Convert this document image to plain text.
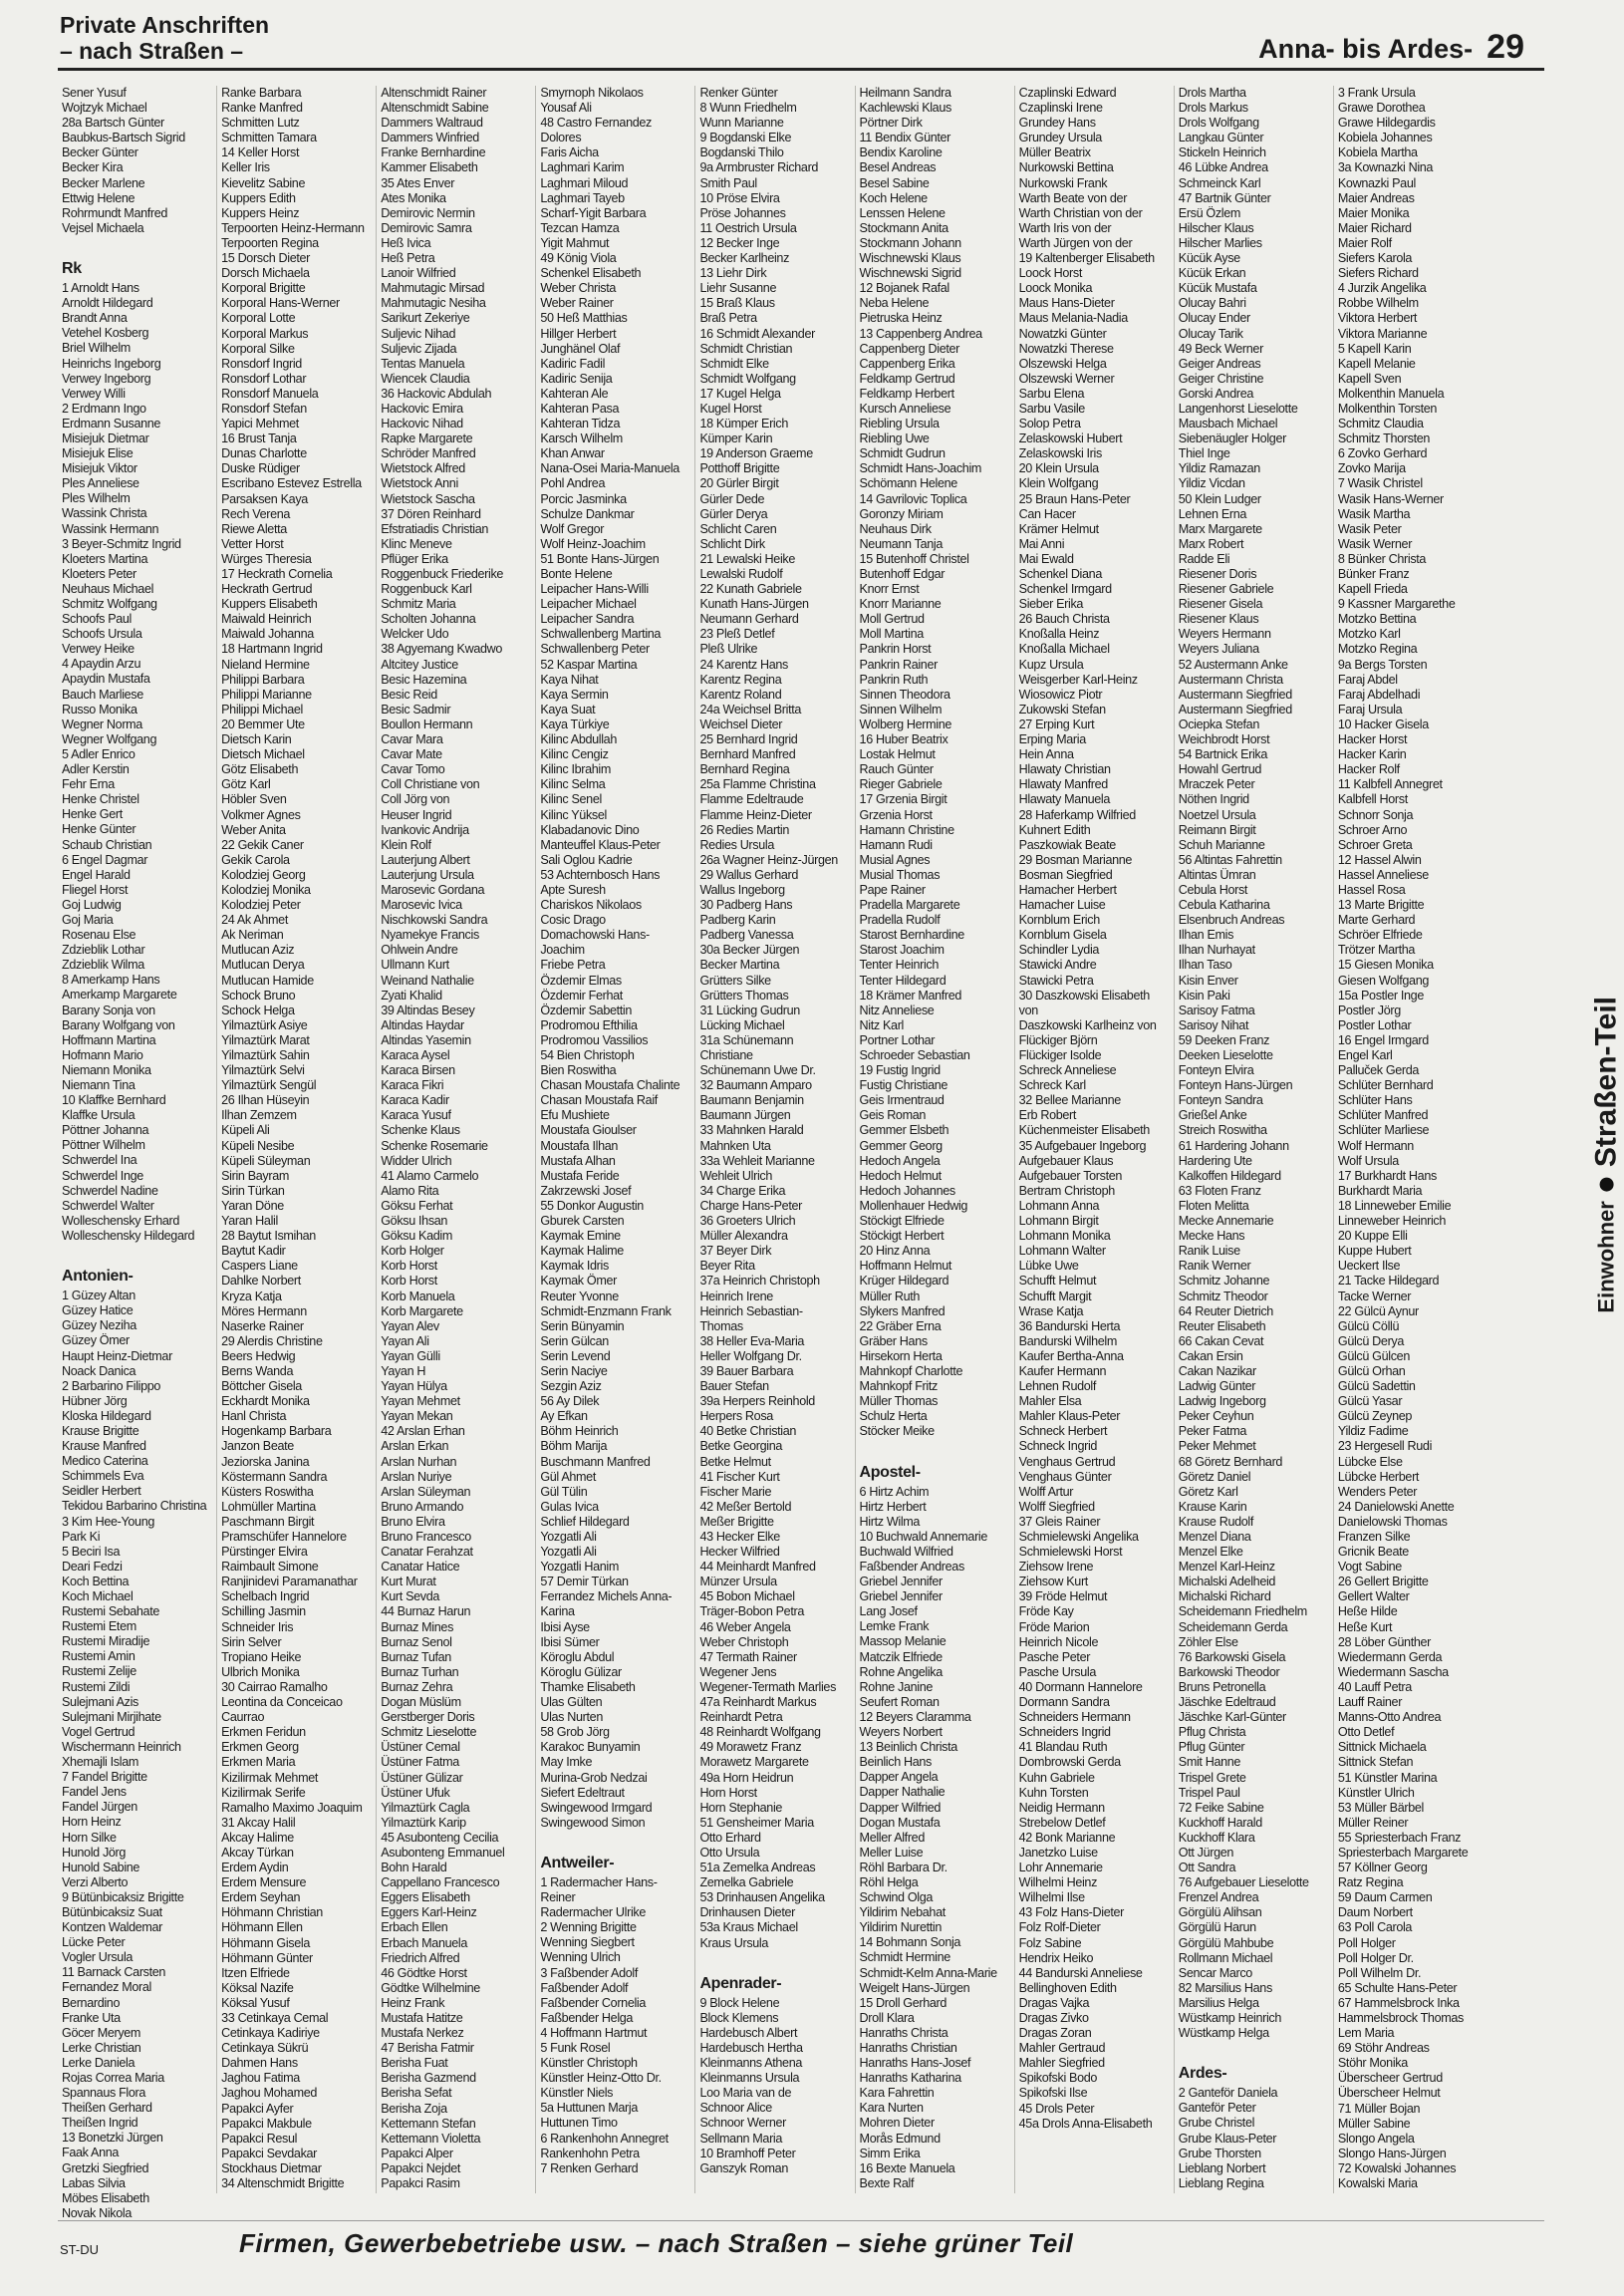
Private Anschriften
– nach Straßen –	Anna- bis Ardes- 29
Sener Yusuf
Wojtzyk Michael
28a Bartsch Günter
Baubkus-Bartsch Sigrid
Becker Günter
Becker Kira
Becker Marlene
Ettwig Helene
Rohrmundt Manfred
Vejsel Michaela

Rk
1 Arnoldt Hans
Arnoldt Hildegard
Brandt Anna
Vetehel Kosberg
Briel Wilhelm
Heinrichs Ingeborg
Verwey Ingeborg
Verwey Willi
2 Erdmann Ingo
Erdmann Susanne
Misiejuk Dietmar
Misiejuk Elise
Misiejuk Viktor
Ples Anneliese
Ples Wilhelm
Wassink Christa
Wassink Hermann
3 Beyer-Schmitz Ingrid
Kloeters Martina
Kloeters Peter
Neuhaus Michael
Schmitz Wolfgang
Schoofs Paul
Schoofs Ursula
Verwey Heike
4 Apaydin Arzu
Apaydin Mustafa
Bauch Marliese
Russo Monika
Wegner Norma
Wegner Wolfgang
5 Adler Enrico
Adler Kerstin
Fehr Erna
Henke Christel
Henke Gert
Henke Günter
Schaub Christian
6 Engel Dagmar
Engel Harald
Fliegel Horst
Goj Ludwig
Goj Maria
Rosenau Else
Zdzieblik Lothar
Zdzieblik Wilma
8 Amerkamp Hans
Amerkamp Margarete
Barany Sonja von
Barany Wolfgang von
Hoffmann Martina
Hofmann Mario
Niemann Monika
Niemann Tina
10 Klaffke Bernhard
Klaffke Ursula
Pöttner Johanna
Pöttner Wilhelm
Schwerdel Ina
Schwerdel Inge
Schwerdel Nadine
Schwerdel Walter
Wolleschensky Erhard
Wolleschensky Hildegard

Antonien-
1 Güzey Altan
Güzey Hatice
Güzey Neziha
Güzey Ömer
Haupt Heinz-Dietmar
Noack Danica
2 Barbarino Filippo
Hübner Jörg
Kloska Hildegard
Krause Brigitte
Krause Manfred
Medico Caterina
Schimmels Eva
Seidler Herbert
Tekidou Barbarino Christina
3 Kim Hee-Young
Park Ki
5 Beciri Isa
Deari Fedzi
Koch Bettina
Koch Michael
Rustemi Sebahate
Rustemi Etem
Rustemi Miradije
Rustemi Amin
Rustemi Zelije
Rustemi Zildi
Sulejmani Azis
Sulejmani Mirjihate
Vogel Gertrud
Wischermann Heinrich
Xhemajli Islam
7 Fandel Brigitte
Fandel Jens
Fandel Jürgen
Horn Heinz
Horn Silke
Hunold Jörg
Hunold Sabine
Verzi Alberto
9 Bütünbicaksiz Brigitte
Bütünbicaksiz Suat
Kontzen Waldemar
Lücke Peter
Vogler Ursula
11 Barnack Carsten
Fernandez Moral
Bernardino
Franke Uta
Göcer Meryem
Lerke Christian
Lerke Daniela
Rojas Correa Maria
Spannaus Flora
Theißen Gerhard
Theißen Ingrid
13 Bonetzki Jürgen
Faak Anna
Gretzki Siegfried
Labas Silvia
Möbes Elisabeth
Novak Nikola
Ranke Barbara
Ranke Manfred
Schmitten Lutz
Schmitten Tamara
14 Keller Horst
Keller Iris
Kievelitz Sabine
Kuppers Edith
Kuppers Heinz
Terpoorten Heinz-Hermann
Terpoorten Regina
15 Dorsch Dieter
Dorsch Michaela
Korporal Brigitte
Korporal Hans-Werner
Korporal Lotte
Korporal Markus
Korporal Silke
Ronsdorf Ingrid
Ronsdorf Lothar
Ronsdorf Manuela
Ronsdorf Stefan
Yapici Mehmet
16 Brust Tanja
Dunas Charlotte
Duske Rüdiger
Escribano Estevez Estrella
Parsaksen Kaya
Rech Verena
Riewe Aletta
Vetter Horst
Würges Theresia
17 Heckrath Cornelia
Heckrath Gertrud
Kuppers Elisabeth
Maiwald Heinrich
Maiwald Johanna
18 Hartmann Ingrid
Nieland Hermine
Philippi Barbara
Philippi Marianne
Philippi Michael
20 Bemmer Ute
Dietsch Karin
Dietsch Michael
Götz Elisabeth
Götz Karl
Höbler Sven
Volkmer Agnes
Weber Anita
22 Gekik Caner
Gekik Carola
Kolodziej Georg
Kolodziej Monika
Kolodziej Peter
24 Ak Ahmet
Ak Neriman
Mutlucan Aziz
Mutlucan Derya
Mutlucan Hamide
Schock Bruno
Schock Helga
Yilmaztürk Asiye
Yilmaztürk Marat
Yilmaztürk Sahin
Yilmaztürk Selvi
Yilmaztürk Sengül
26 Ilhan Hüseyin
Ilhan Zemzem
Küpeli Ali
Küpeli Nesibe
Küpeli Süleyman
Sirin Bayram
Sirin Türkan
Yaran Döne
Yaran Halil
28 Baytut Ismihan
Baytut Kadir
Caspers Liane
Dahlke Norbert
Kryza Katja
Möres Hermann
Naserke Rainer
29 Alerdis Christine
Beers Hedwig
Berns Wanda
Böttcher Gisela
Eckhardt Monika
Hanl Christa
Hogenkamp Barbara
Janzon Beate
Jeziorska Janina
Köstermann Sandra
Küsters Roswitha
Lohmüller Martina
Paschmann Birgit
Pramschüfer Hannelore
Pürstinger Elvira
Raimbault Simone
Ranjinidevi Paramanathar
Schelbach Ingrid
Schilling Jasmin
Schneider Iris
Sirin Selver
Tropiano Heike
Ulbrich Monika
30 Cairrao Ramalho
Leontina da Conceicao
Caurrao
Erkmen Feridun
Erkmen Georg
Erkmen Maria
Kizilirmak Mehmet
Kizilirmak Serife
Ramalho Maximo Joaquim
31 Akcay Halil
Akcay Halime
Akcay Türkan
Erdem Aydin
Erdem Mensure
Erdem Seyhan
Höhmann Christian
Höhmann Ellen
Höhmann Gisela
Höhmann Günter
Itzen Elfriede
Köksal Nazife
Köksal Yusuf
33 Cetinkaya Cemal
Cetinkaya Kadiriye
Cetinkaya Sükrü
Dahmen Hans
Jaghou Fatima
Jaghou Mohamed
Papakci Ayfer
Papakci Makbule
Papakci Resul
Papakci Sevdakar
Stockhaus Dietmar
34 Altenschmidt Brigitte
Altenschmidt Rainer
Altenschmidt Sabine
Dammers Waltraud
Dammers Winfried
Franke Bernhardine
Kammer Elisabeth
35 Ates Enver
Ates Monika
Demirovic Nermin
Demirovic Samra
Heß Ivica
Heß Petra
Lanoir Wilfried
Mahmutagic Mirsad
Mahmutagic Nesiha
Sarikurt Zekeriye
Suljevic Nihad
Suljevic Zijada
Tentas Manuela
Wiencek Claudia
36 Hackovic Abdulah
Hackovic Emira
Hackovic Nihad
Rapke Margarete
Schröder Manfred
Wietstock Alfred
Wietstock Anni
Wietstock Sascha
37 Dören Reinhard
Efstratiadis Christian
Klinc Meneve
Pflüger Erika
Roggenbuck Friederike
Roggenbuck Karl
Schmitz Maria
Scholten Johanna
Welcker Udo
38 Agyemang Kwadwo
Altcitey Justice
Besic Hazemina
Besic Reid
Besic Sadmir
Boullon Hermann
Cavar Mara
Cavar Mate
Cavar Tomo
Coll Christiane von
Coll Jörg von
Heuser Ingrid
Ivankovic Andrija
Klein Rolf
Lauterjung Albert
Lauterjung Ursula
Marosevic Gordana
Marosevic Ivica
Nischkowski Sandra
Nyamekye Francis
Ohlwein Andre
Ullmann Kurt
Weinand Nathalie
Zyati Khalid
39 Altindas Besey
Altindas Haydar
Altindas Yasemin
Karaca Aysel
Karaca Birsen
Karaca Fikri
Karaca Kadir
Karaca Yusuf
Schenke Klaus
Schenke Rosemarie
Widder Ulrich
41 Alamo Carmelo
Alamo Rita
Göksu Ferhat
Göksu Ihsan
Göksu Kadim
Korb Holger
Korb Horst
Korb Horst
Korb Manuela
Korb Margarete
Yayan Alev
Yayan Ali
Yayan Gülli
Yayan H
Yayan Hülya
Yayan Mehmet
Yayan Mekan
42 Arslan Erhan
Arslan Erkan
Arslan Nurhan
Arslan Nuriye
Arslan Süleyman
Bruno Armando
Bruno Elvira
Bruno Francesco
Canatar Ferahzat
Canatar Hatice
Kurt Murat
Kurt Sevda
44 Burnaz Harun
Burnaz Mines
Burnaz Senol
Burnaz Tufan
Burnaz Turhan
Burnaz Zehra
Dogan Müslüm
Gerstberger Doris
Schmitz Lieselotte
Üstüner Cemal
Üstüner Fatma
Üstüner Gülizar
Üstüner Ufuk
Yilmaztürk Cagla
Yilmaztürk Karip
45 Asubonteng Cecilia
Asubonteng Emmanuel
Bohn Harald
Cappellano Francesco
Eggers Elisabeth
Eggers Karl-Heinz
Erbach Ellen
Erbach Manuela
Friedrich Alfred
46 Gödtke Horst
Gödtke Wilhelmine
Heinz Frank
Mustafa Hatitze
Mustafa Nerkez
47 Berisha Fatmir
Berisha Fuat
Berisha Gazmend
Berisha Sefat
Berisha Zoja
Kettemann Stefan
Kettemann Violetta
Papakci Alper
Papakci Nejdet
Papakci Rasim
Smyrnoph Nikolaos
Yousaf Ali
48 Castro Fernandez
Dolores
Faris Aicha
Laghmari Karim
Laghmari Miloud
Laghmari Tayeb
Scharf-Yigit Barbara
Tezcan Hamza
Yigit Mahmut
49 König Viola
Schenkel Elisabeth
Weber Christa
Weber Rainer
50 Heß Matthias
Hillger Herbert
Junghänel Olaf
Kadiric Fadil
Kadiric Senija
Kahteran Ale
Kahteran Pasa
Kahteran Tidza
Karsch Wilhelm
Khan Anwar
Nana-Osei Maria-Manuela
Pohl Andrea
Porcic Jasminka
Schulze Dankmar
Wolf Gregor
Wolf Heinz-Joachim
51 Bonte Hans-Jürgen
Bonte Helene
Leipacher Hans-Willi
Leipacher Michael
Leipacher Sandra
Schwallenberg Martina
Schwallenberg Peter
52 Kaspar Martina
Kaya Nihat
Kaya Sermin
Kaya Suat
Kaya Türkiye
Kilinc Abdullah
Kilinc Cengiz
Kilinc Ibrahim
Kilinc Selma
Kilinc Senel
Kilinc Yüksel
Klabadanovic Dino
Manteuffel Klaus-Peter
Sali Oglou Kadrie
53 Achternbosch Hans
Apte Suresh
Chariskos Nikolaos
Cosic Drago
Domachowski Hans-
Joachim
Friebe Petra
Özdemir Elmas
Özdemir Ferhat
Özdemir Sabettin
Prodromou Efthilia
Prodromou Vassilios
54 Bien Christoph
Bien Roswitha
Chasan Moustafa Chalinte
Chasan Moustafa Raif
Efu Mushiete
Moustafa Gioulser
Moustafa Ilhan
Mustafa Alhan
Mustafa Feride
Zakrzewski Josef
55 Donkor Augustin
Gburek Carsten
Kaymak Emine
Kaymak Halime
Kaymak Idris
Kaymak Ömer
Reuter Yvonne
Schmidt-Enzmann Frank
Serin Bünyamin
Serin Gülcan
Serin Levend
Serin Naciye
Sezgin Aziz
56 Ay Dilek
Ay Efkan
Böhm Heinrich
Böhm Marija
Buschmann Manfred
Gül Ahmet
Gül Tülin
Gulas Ivica
Schlief Hildegard
Yozgatli Ali
Yozgatli Ali
Yozgatli Hanim
57 Demir Türkan
Ferrandez Michels Anna-
Karina
Ibisi Ayse
Ibisi Sümer
Köroglu Abdul
Köroglu Gülizar
Thamke Elisabeth
Ulas Gülten
Ulas Nurten
58 Grob Jörg
Karakoc Bunyamin
May Imke
Murina-Grob Nedzai
Siefert Edeltraut
Swingewood Irmgard
Swingewood Simon

Antweiler-
1 Radermacher Hans-
Reiner
Radermacher Ulrike
2 Wenning Brigitte
Wenning Siegbert
Wenning Ulrich
3 Faßbender Adolf
Faßbender Adolf
Faßbender Cornelia
Faßbender Helga
4 Hoffmann Hartmut
5 Funk Rosel
Künstler Christoph
Künstler Heinz-Otto Dr.
Künstler Niels
5a Huttunen Marja
Huttunen Timo
6 Rankenhohn Annegret
Rankenhohn Petra
7 Renken Gerhard
Renker Günter
8 Wunn Friedhelm
Wunn Marianne
9 Bogdanski Elke
Bogdanski Thilo
9a Armbruster Richard
Smith Paul
10 Pröse Elvira
Pröse Johannes
11 Oestrich Ursula
12 Becker Inge
Becker Karlheinz
13 Liehr Dirk
Liehr Susanne
15 Braß Klaus
Braß Petra
16 Schmidt Alexander
Schmidt Christian
Schmidt Elke
Schmidt Wolfgang
17 Kugel Helga
Kugel Horst
18 Kümper Erich
Kümper Karin
19 Anderson Graeme
Potthoff Brigitte
20 Gürler Birgit
Gürler Dede
Gürler Derya
Schlicht Caren
Schlicht Dirk
21 Lewalski Heike
Lewalski Rudolf
22 Kunath Gabriele
Kunath Hans-Jürgen
Neumann Gerhard
23 Pleß Detlef
Pleß Ulrike
24 Karentz Hans
Karentz Regina
Karentz Roland
24a Weichsel Britta
Weichsel Dieter
25 Bernhard Ingrid
Bernhard Manfred
Bernhard Regina
25a Flamme Christina
Flamme Edeltraude
Flamme Heinz-Dieter
26 Redies Martin
Redies Ursula
26a Wagner Heinz-Jürgen
29 Wallus Gerhard
Wallus Ingeborg
30 Padberg Hans
Padberg Karin
Padberg Vanessa
30a Becker Jürgen
Becker Martina
Grütters Silke
Grütters Thomas
31 Lücking Gudrun
Lücking Michael
31a Schünemann
Christiane
Schünemann Uwe Dr.
32 Baumann Amparo
Baumann Benjamin
Baumann Jürgen
33 Mahnken Harald
Mahnken Uta
33a Wehleit Marianne
Wehleit Ulrich
34 Charge Erika
Charge Hans-Peter
36 Groeters Ulrich
Müller Alexandra
37 Beyer Dirk
Beyer Rita
37a Heinrich Christoph
Heinrich Irene
Heinrich Sebastian-
Thomas
38 Heller Eva-Maria
Heller Wolfgang Dr.
39 Bauer Barbara
Bauer Stefan
39a Herpers Reinhold
Herpers Rosa
40 Betke Christian
Betke Georgina
Betke Helmut
41 Fischer Kurt
Fischer Marie
42 Meßer Bertold
Meßer Brigitte
43 Hecker Elke
Hecker Wilfried
44 Meinhardt Manfred
Münzer Ursula
45 Bobon Michael
Träger-Bobon Petra
46 Weber Angela
Weber Christoph
47 Termath Rainer
Wegener Jens
Wegener-Termath Marlies
47a Reinhardt Markus
Reinhardt Petra
48 Reinhardt Wolfgang
49 Morawetz Franz
Morawetz Margarete
49a Horn Heidrun
Horn Horst
Horn Stephanie
51 Gensheimer Maria
Otto Erhard
Otto Ursula
51a Zemelka Andreas
Zemelka Gabriele
53 Drinhausen Angelika
Drinhausen Dieter
53a Kraus Michael
Kraus Ursula

Apenrader-
9 Block Helene
Block Klemens
Hardebusch Albert
Hardebusch Hertha
Kleinmanns Athena
Kleinmanns Ursula
Loo Maria van de
Schnoor Alice
Schnoor Werner
Sellmann Maria
10 Bramhoff Peter
Ganszyk Roman
Heilmann Sandra
Kachlewski Klaus
Pörtner Dirk
11 Bendix Günter
Bendix Karoline
Besel Andreas
Besel Sabine
Koch Helene
Lenssen Helene
Stockmann Anita
Stockmann Johann
Wischnewski Klaus
Wischnewski Sigrid
12 Bojanek Rafal
Neba Helene
Pietruska Heinz
13 Cappenberg Andrea
Cappenberg Dieter
Cappenberg Erika
Feldkamp Gertrud
Feldkamp Herbert
Kursch Anneliese
Riebling Ursula
Riebling Uwe
Schmidt Gudrun
Schmidt Hans-Joachim
Schömann Helene
14 Gavrilovic Toplica
Goronzy Miriam
Neuhaus Dirk
Neumann Tanja
15 Butenhoff Christel
Butenhoff Edgar
Knorr Ernst
Knorr Marianne
Moll Gertrud
Moll Martina
Pankrin Horst
Pankrin Rainer
Pankrin Ruth
Sinnen Theodora
Sinnen Wilhelm
Wolberg Hermine
16 Huber Beatrix
Lostak Helmut
Rauch Günter
Rieger Gabriele
17 Grzenia Birgit
Grzenia Horst
Hamann Christine
Hamann Rudi
Musial Agnes
Musial Thomas
Pape Rainer
Pradella Margarete
Pradella Rudolf
Starost Bernhardine
Starost Joachim
Tenter Heinrich
Tenter Hildegard
18 Krämer Manfred
Nitz Anneliese
Nitz Karl
Portner Lothar
Schroeder Sebastian
19 Fustig Ingrid
Fustig Christiane
Geis Irmentraud
Geis Roman
Gemmer Elsbeth
Gemmer Georg
Hedoch Angela
Hedoch Helmut
Hedoch Johannes
Mollenhauer Hedwig
Stöckigt Elfriede
Stöckigt Herbert
20 Hinz Anna
Hoffmann Helmut
Krüger Hildegard
Müller Ruth
Slykers Manfred
22 Gräber Erna
Gräber Hans
Hirsekorn Herta
Mahnkopf Charlotte
Mahnkopf Fritz
Müller Thomas
Schulz Herta
Stöcker Meike

Apostel-
6 Hirtz Achim
Hirtz Herbert
Hirtz Wilma
10 Buchwald Annemarie
Buchwald Wilfried
Faßbender Andreas
Griebel Jennifer
Griebel Jennifer
Lang Josef
Lemke Frank
Massop Melanie
Matczik Elfriede
Rohne Angelika
Rohne Janine
Seufert Roman
12 Beyers Claramma
Weyers Norbert
13 Beinlich Christa
Beinlich Hans
Dapper Angela
Dapper Nathalie
Dapper Wilfried
Dogan Mustafa
Meller Alfred
Meller Luise
Röhl Barbara Dr.
Röhl Helga
Schwind Olga
Yildirim Nebahat
Yildirim Nurettin
14 Bohmann Sonja
Schmidt Hermine
Schmidt-Kelm Anna-Marie
Weigelt Hans-Jürgen
15 Droll Gerhard
Droll Klara
Hanraths Christa
Hanraths Christian
Hanraths Hans-Josef
Hanraths Katharina
Kara Fahrettin
Kara Nurten
Mohren Dieter
Morås Edmund
Simm Erika
16 Bexte Manuela
Bexte Ralf
Czaplinski Edward
Czaplinski Irene
Grundey Hans
Grundey Ursula
Müller Beatrix
Nurkowski Bettina
Nurkowski Frank
Warth Beate von der
Warth Christian von der
Warth Iris von der
Warth Jürgen von der
19 Kaltenberger Elisabeth
Loock Horst
Loock Monika
Maus Hans-Dieter
Maus Melania-Nadia
Nowatzki Günter
Nowatzki Therese
Olszewski Helga
Olszewski Werner
Sarbu Elena
Sarbu Vasile
Solop Petra
Zelaskowski Hubert
Zelaskowski Iris
20 Klein Ursula
Klein Wolfgang
25 Braun Hans-Peter
Can Hacer
Krämer Helmut
Mai Anni
Mai Ewald
Schenkel Diana
Schenkel Irmgard
Sieber Erika
26 Bauch Christa
Knoßalla Heinz
Knoßalla Michael
Kupz Ursula
Weisgerber Karl-Heinz
Wiosowicz Piotr
Zukowski Stefan
27 Erping Kurt
Erping Maria
Hein Anna
Hlawaty Christian
Hlawaty Manfred
Hlawaty Manuela
28 Haferkamp Wilfried
Kuhnert Edith
Paszkowiak Beate
29 Bosman Marianne
Bosman Siegfried
Hamacher Herbert
Hamacher Luise
Kornblum Erich
Kornblum Gisela
Schindler Lydia
Stawicki Andre
Stawicki Petra
30 Daszkowski Elisabeth
von
Daszkowski Karlheinz von
Flückiger Björn
Flückiger Isolde
Schreck Anneliese
Schreck Karl
32 Bellee Marianne
Erb Robert
Küchenmeister Elisabeth
35 Aufgebauer Ingeborg
Aufgebauer Klaus
Aufgebauer Torsten
Bertram Christoph
Lohmann Anna
Lohmann Birgit
Lohmann Monika
Lohmann Walter
Lübke Uwe
Schufft Helmut
Schufft Margit
Wrase Katja
36 Bandurski Herta
Bandurski Wilhelm
Kaufer Bertha-Anna
Kaufer Hermann
Lehnen Rudolf
Mahler Elsa
Mahler Klaus-Peter
Schneck Herbert
Schneck Ingrid
Venghaus Gertrud
Venghaus Günter
Wolff Artur
Wolff Siegfried
37 Gleis Rainer
Schmielewski Angelika
Schmielewski Horst
Ziehsow Irene
Ziehsow Kurt
39 Fröde Helmut
Fröde Kay
Fröde Marion
Heinrich Nicole
Pasche Peter
Pasche Ursula
40 Dormann Hannelore
Dormann Sandra
Schneiders Hermann
Schneiders Ingrid
41 Blandau Ruth
Dombrowski Gerda
Kuhn Gabriele
Kuhn Torsten
Neidig Hermann
Strebelow Detlef
42 Bonk Marianne
Janetzko Luise
Lohr Annemarie
Wilhelmi Heinz
Wilhelmi Ilse
43 Folz Hans-Dieter
Folz Rolf-Dieter
Folz Sabine
Hendrix Heiko
44 Bandurski Anneliese
Bellinghoven Edith
Dragas Vajka
Dragas Zivko
Dragas Zoran
Mahler Gertraud
Mahler Siegfried
Spikofski Bodo
Spikofski Ilse
45 Drols Peter
45a Drols Anna-Elisabeth
Drols Martha
Drols Markus
Drols Wolfgang
Langkau Günter
Stickeln Heinrich
46 Lübke Andrea
Schmeinck Karl
47 Bartnik Günter
Ersü Özlem
Hilscher Klaus
Hilscher Marlies
Kücük Ayse
Kücük Erkan
Kücük Mustafa
Olucay Bahri
Olucay Ender
Olucay Tarik
49 Beck Werner
Geiger Andreas
Geiger Christine
Gorski Andrea
Langenhorst Lieselotte
Mausbach Michael
Siebenäugler Holger
Thiel Inge
Yildiz Ramazan
Yildiz Vicdan
50 Klein Ludger
Lehnen Erna
Marx Margarete
Marx Robert
Radde Eli
Riesener Doris
Riesener Gabriele
Riesener Gisela
Riesener Klaus
Weyers Hermann
Weyers Juliana
52 Austermann Anke
Austermann Christa
Austermann Siegfried
Austermann Siegfried
Ociepka Stefan
Weichbrodt Horst
54 Bartnick Erika
Howahl Gertrud
Mraczek Peter
Nöthen Ingrid
Noetzel Ursula
Reimann Birgit
Schuh Marianne
56 Altintas Fahrettin
Altintas Ümran
Cebula Horst
Cebula Katharina
Elsenbruch Andreas
Ilhan Emis
Ilhan Nurhayat
Ilhan Taso
Kisin Enver
Kisin Paki
Sarisoy Fatma
Sarisoy Nihat
59 Deeken Franz
Deeken Lieselotte
Fonteyn Elvira
Fonteyn Hans-Jürgen
Fonteyn Sandra
Grießel Anke
Streich Roswitha
61 Hardering Johann
Hardering Ute
Kalkoffen Hildegard
63 Floten Franz
Floten Melitta
Mecke Annemarie
Mecke Hans
Ranik Luise
Ranik Werner
Schmitz Johanne
Schmitz Theodor
64 Reuter Dietrich
Reuter Elisabeth
66 Cakan Cevat
Cakan Ersin
Cakan Nazikar
Ladwig Günter
Ladwig Ingeborg
Peker Ceyhun
Peker Fatma
Peker Mehmet
68 Göretz Bernhard
Göretz Daniel
Göretz Karl
Krause Karin
Krause Rudolf
Menzel Diana
Menzel Elke
Menzel Karl-Heinz
Michalski Adelheid
Michalski Richard
Scheidemann Friedhelm
Scheidemann Gerda
Zöhler Else
76 Barkowski Gisela
Barkowski Theodor
Bruns Petronella
Jäschke Edeltraud
Jäschke Karl-Günter
Pflug Christa
Pflug Günter
Smit Hanne
Trispel Grete
Trispel Paul
72 Feike Sabine
Kuckhoff Harald
Kuckhoff Klara
Ott Jürgen
Ott Sandra
76 Aufgebauer Lieselotte
Frenzel Andrea
Görgülü Alihsan
Görgülü Harun
Görgülü Mahbube
Rollmann Michael
Sencar Marco
82 Marsilius Hans
Marsilius Helga
Wüstkamp Heinrich
Wüstkamp Helga

Ardes-
2 Ganteför Daniela
Ganteför Peter
Grube Christel
Grube Klaus-Peter
Grube Thorsten
Lieblang Norbert
Lieblang Regina
3 Frank Ursula
Grawe Dorothea
Grawe Hildegardis
Kobiela Johannes
Kobiela Martha
3a Kownazki Nina
Kownazki Paul
Maier Andreas
Maier Monika
Maier Richard
Maier Rolf
Siefers Karola
Siefers Richard
4 Jurzik Angelika
Robbe Wilhelm
Viktora Herbert
Viktora Marianne
5 Kapell Karin
Kapell Melanie
Kapell Sven
Molkenthin Manuela
Molkenthin Torsten
Schmitz Claudia
Schmitz Thorsten
6 Zovko Gerhard
Zovko Marija
7 Wasik Christel
Wasik Hans-Werner
Wasik Martha
Wasik Peter
Wasik Werner
8 Bünker Christa
Bünker Franz
Kapell Frieda
9 Kassner Margarethe
Motzko Bettina
Motzko Karl
Motzko Regina
9a Bergs Torsten
Faraj Abdel
Faraj Abdelhadi
Faraj Ursula
10 Hacker Gisela
Hacker Horst
Hacker Karin
Hacker Rolf
11 Kalbfell Annegret
Kalbfell Horst
Schnorr Sonja
Schroer Arno
Schroer Greta
12 Hassel Alwin
Hassel Anneliese
Hassel Rosa
13 Marte Brigitte
Marte Gerhard
Schröer Elfriede
Trötzer Martha
15 Giesen Monika
Giesen Wolfgang
15a Postler Inge
Postler Jörg
Postler Lothar
16 Engel Irmgard
Engel Karl
Palluček Gerda
Schlüter Bernhard
Schlüter Hans
Schlüter Manfred
Schlüter Marliese
Wolf Hermann
Wolf Ursula
17 Burkhardt Hans
Burkhardt Maria
18 Linneweber Emilie
Linneweber Heinrich
20 Kuppe Elli
Kuppe Hubert
Ueckert Ilse
21 Tacke Hildegard
Tacke Werner
22 Gülcü Aynur
Gülcü Cöllü
Gülcü Derya
Gülcü Gülcen
Gülcü Orhan
Gülcü Sadettin
Gülcü Yasar
Gülcü Zeynep
Yildiz Fadime
23 Hergesell Rudi
Lübcke Else
Lübcke Herbert
Wenders Peter
24 Danielowski Anette
Danielowski Thomas
Franzen Silke
Gricnik Beate
Vogt Sabine
26 Gellert Brigitte
Gellert Walter
Heße Hilde
Heße Kurt
28 Löber Günther
Wiedermann Gerda
Wiedermann Sascha
40 Lauff Petra
Lauff Rainer
Manns-Otto Andrea
Otto Detlef
Sittnick Michaela
Sittnick Stefan
51 Künstler Marina
Künstler Ulrich
53 Müller Bärbel
Müller Reiner
55 Spriesterbach Franz
Spriesterbach Margarete
57 Köllner Georg
Ratz Regina
59 Daum Carmen
Daum Norbert
63 Poll Carola
Poll Holger
Poll Holger Dr.
Poll Wilhelm Dr.
65 Schulte Hans-Peter
67 Hammelsbrock Inka
Hammelsbrock Thomas
Lem Maria
69 Stöhr Andreas
Stöhr Monika
Überscheer Gertrud
Überscheer Helmut
71 Müller Bojan
Müller Sabine
Slongo Angela
Slongo Hans-Jürgen
72 Kowalski Johannes
Kowalski Maria
Einwohner
Straßen-Teil
ST-DU	Firmen, Gewerbebetriebe usw. – nach Straßen – siehe grüner Teil
